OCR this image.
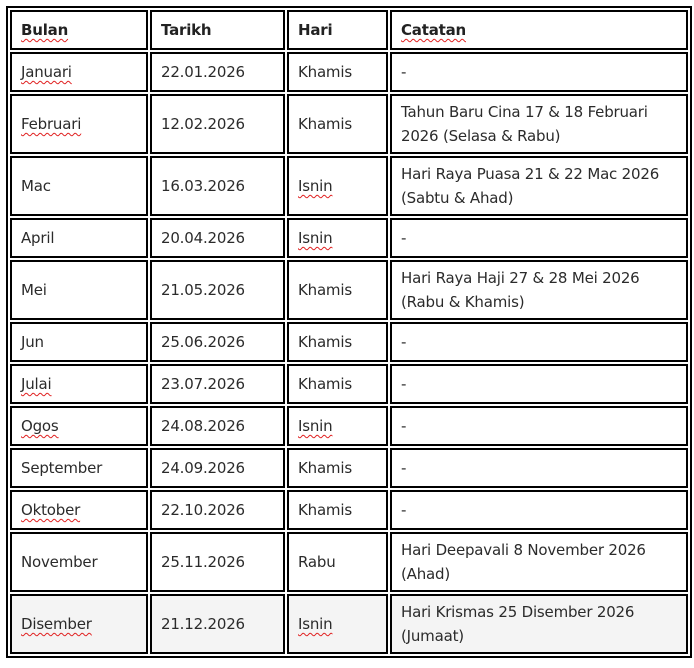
Bulan	Tarikh	Hari	Catatan
Januari	22.01.2026	Khamis	-
Februari	12.02.2026	Khamis	Tahun Baru Cina 17 & 18 Februari 2026 (Selasa & Rabu)
Mac	16.03.2026	Isnin	Hari Raya Puasa 21 & 22 Mac 2026 (Sabtu & Ahad)
April	20.04.2026	Isnin	-
Mei	21.05.2026	Khamis	Hari Raya Haji 27 & 28 Mei 2026 (Rabu & Khamis)
Jun	25.06.2026	Khamis	-
Julai	23.07.2026	Khamis	-
Ogos	24.08.2026	Isnin	-
September	24.09.2026	Khamis	-
Oktober	22.10.2026	Khamis	-
November	25.11.2026	Rabu	Hari Deepavali 8 November 2026 (Ahad)
Disember	21.12.2026	Isnin	Hari Krismas 25 Disember 2026 (Jumaat)
